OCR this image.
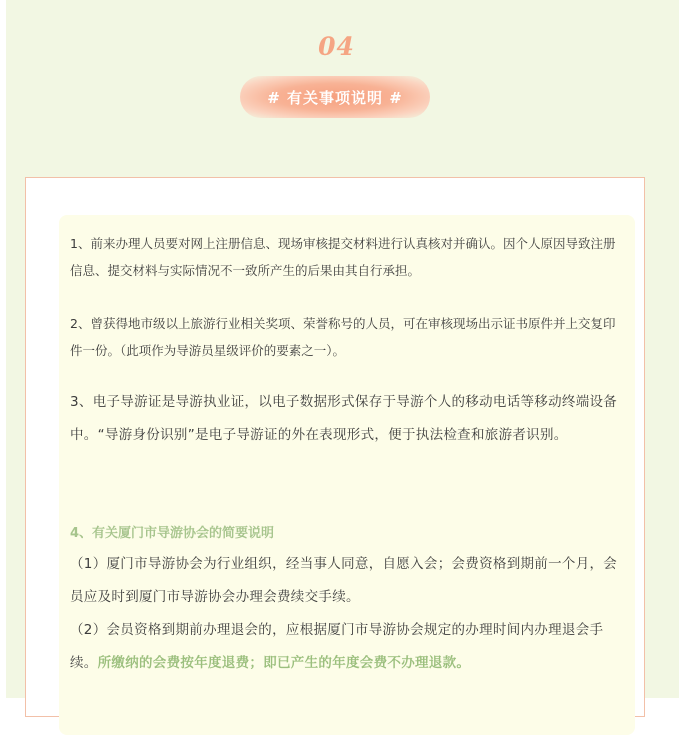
04
# 有关事项说明 #

1、前来办理人员要对网上注册信息、现场审核提交材料进行认真核对并确认。因个人原因导致注册信息、提交材料与实际情况不一致所产生的后果由其自行承担。

2、曾获得地市级以上旅游行业相关奖项、荣誉称号的人员，可在审核现场出示证书原件并上交复印件一份。（此项作为导游员星级评价的要素之一）。

3、电子导游证是导游执业证，以电子数据形式保存于导游个人的移动电话等移动终端设备中。“导游身份识别”是电子导游证的外在表现形式，便于执法检查和旅游者识别。

4、有关厦门市导游协会的简要说明

（1）厦门市导游协会为行业组织，经当事人同意，自愿入会；会费资格到期前一个月，会员应及时到厦门市导游协会办理会费续交手续。

（2）会员资格到期前办理退会的，应根据厦门市导游协会规定的办理时间内办理退会手续。所缴纳的会费按年度退费；即已产生的年度会费不办理退款。
